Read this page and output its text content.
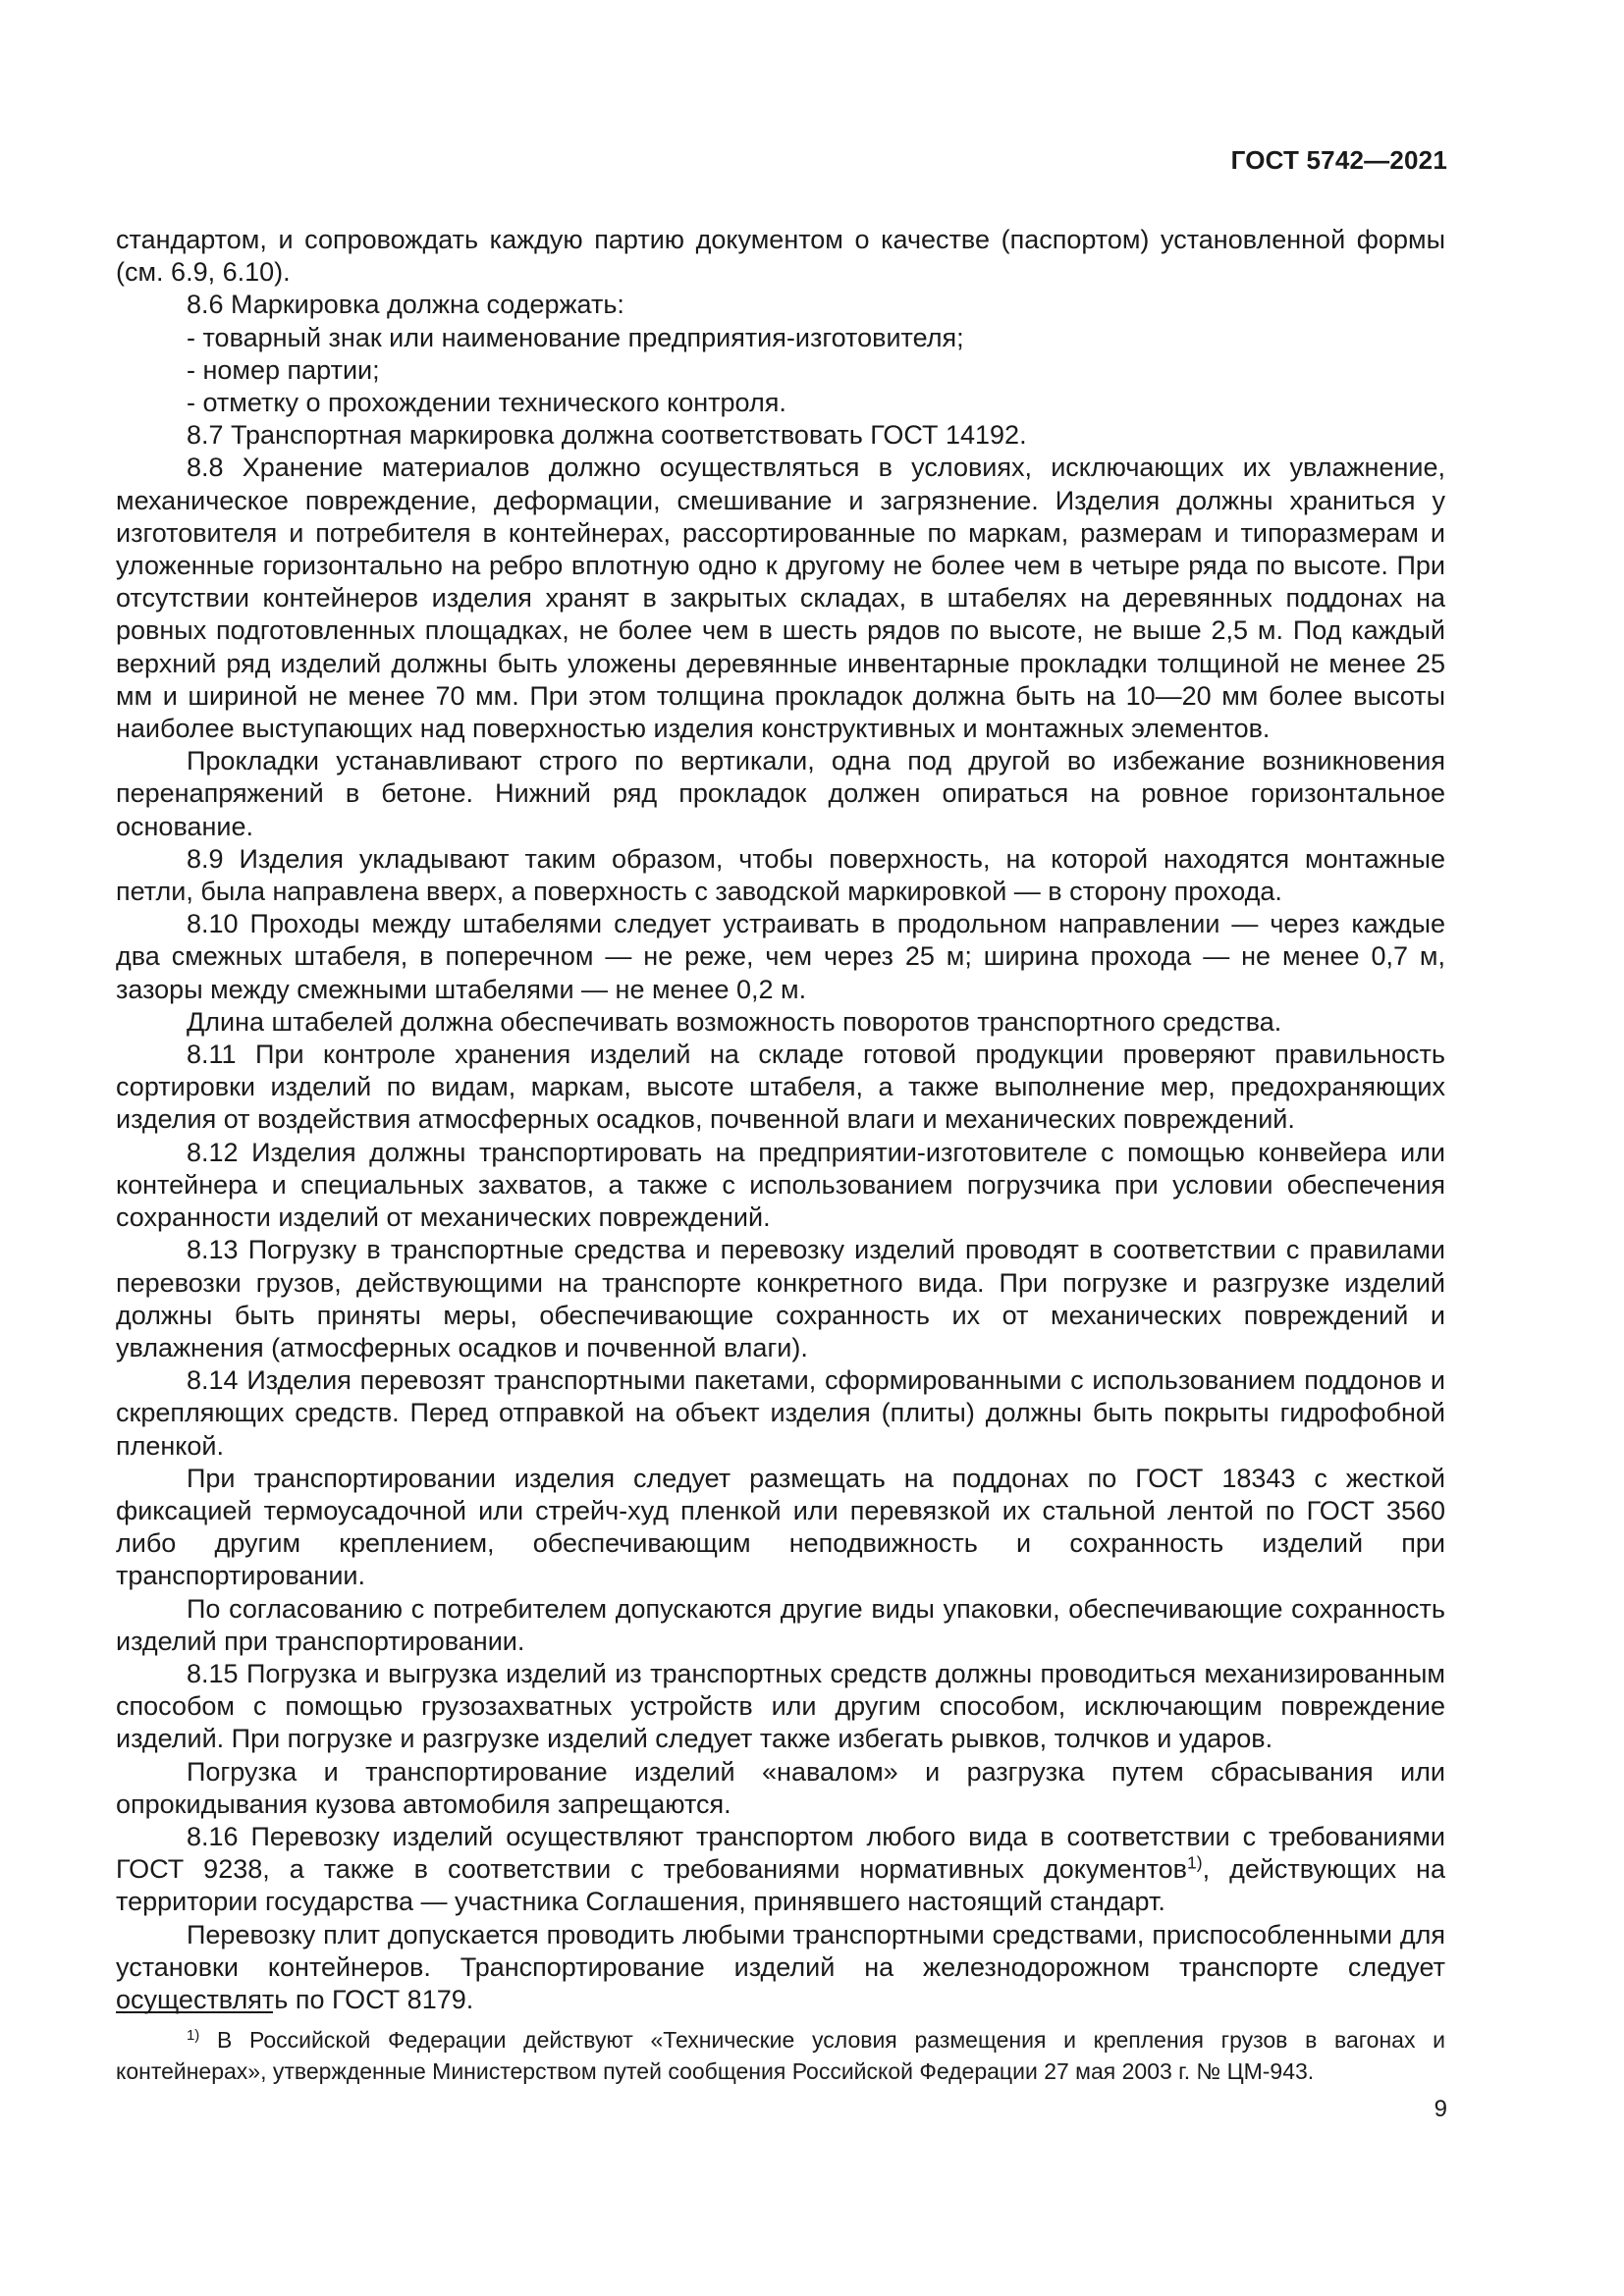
ГОСТ 5742—2021

стандартом, и сопровождать каждую партию документом о качестве (паспортом) установленной формы (см. 6.9, 6.10).

8.6 Маркировка должна содержать:

- товарный знак или наименование предприятия-изготовителя;

- номер партии;

- отметку о прохождении технического контроля.

8.7 Транспортная маркировка должна соответствовать ГОСТ 14192.

8.8 Хранение материалов должно осуществляться в условиях, исключающих их увлажнение, механическое повреждение, деформации, смешивание и загрязнение. Изделия должны храниться у изготовителя и потребителя в контейнерах, рассортированные по маркам, размерам и типоразмерам и уложенные горизонтально на ребро вплотную одно к другому не более чем в четыре ряда по высоте. При отсутствии контейнеров изделия хранят в закрытых складах, в штабелях на деревянных поддонах на ровных подготовленных площадках, не более чем в шесть рядов по высоте, не выше 2,5 м. Под каждый верхний ряд изделий должны быть уложены деревянные инвентарные прокладки толщиной не менее 25 мм и шириной не менее 70 мм. При этом толщина прокладок должна быть на 10—20 мм более высоты наиболее выступающих над поверхностью изделия конструктивных и монтажных элементов.

Прокладки устанавливают строго по вертикали, одна под другой во избежание возникновения перенапряжений в бетоне. Нижний ряд прокладок должен опираться на ровное горизонтальное основание.

8.9 Изделия укладывают таким образом, чтобы поверхность, на которой находятся монтажные петли, была направлена вверх, а поверхность с заводской маркировкой — в сторону прохода.

8.10 Проходы между штабелями следует устраивать в продольном направлении — через каждые два смежных штабеля, в поперечном — не реже, чем через 25 м; ширина прохода — не менее 0,7 м, зазоры между смежными штабелями — не менее 0,2 м.

Длина штабелей должна обеспечивать возможность поворотов транспортного средства.

8.11 При контроле хранения изделий на складе готовой продукции проверяют правильность сортировки изделий по видам, маркам, высоте штабеля, а также выполнение мер, предохраняющих изделия от воздействия атмосферных осадков, почвенной влаги и механических повреждений.

8.12 Изделия должны транспортировать на предприятии-изготовителе с помощью конвейера или контейнера и специальных захватов, а также с использованием погрузчика при условии обеспечения сохранности изделий от механических повреждений.

8.13 Погрузку в транспортные средства и перевозку изделий проводят в соответствии с правилами перевозки грузов, действующими на транспорте конкретного вида. При погрузке и разгрузке изделий должны быть приняты меры, обеспечивающие сохранность их от механических повреждений и увлажнения (атмосферных осадков и почвенной влаги).

8.14 Изделия перевозят транспортными пакетами, сформированными с использованием поддонов и скрепляющих средств. Перед отправкой на объект изделия (плиты) должны быть покрыты гидрофобной пленкой.

При транспортировании изделия следует размещать на поддонах по ГОСТ 18343 с жесткой фиксацией термоусадочной или стрейч-худ пленкой или перевязкой их стальной лентой по ГОСТ 3560 либо другим креплением, обеспечивающим неподвижность и сохранность изделий при транспортировании.

По согласованию с потребителем допускаются другие виды упаковки, обеспечивающие сохранность изделий при транспортировании.

8.15 Погрузка и выгрузка изделий из транспортных средств должны проводиться механизированным способом с помощью грузозахватных устройств или другим способом, исключающим повреждение изделий. При погрузке и разгрузке изделий следует также избегать рывков, толчков и ударов.

Погрузка и транспортирование изделий «навалом» и разгрузка путем сбрасывания или опрокидывания кузова автомобиля запрещаются.

8.16 Перевозку изделий осуществляют транспортом любого вида в соответствии с требованиями ГОСТ 9238, а также в соответствии с требованиями нормативных документов$^{1)}$, действующих на территории государства — участника Соглашения, принявшего настоящий стандарт.

Перевозку плит допускается проводить любыми транспортными средствами, приспособленными для установки контейнеров. Транспортирование изделий на железнодорожном транспорте следует осуществлять по ГОСТ 8179.

$^{1)}$ В Российской Федерации действуют «Технические условия размещения и крепления грузов в вагонах и контейнерах», утвержденные Министерством путей сообщения Российской Федерации 27 мая 2003 г. № ЦМ-943.
9
